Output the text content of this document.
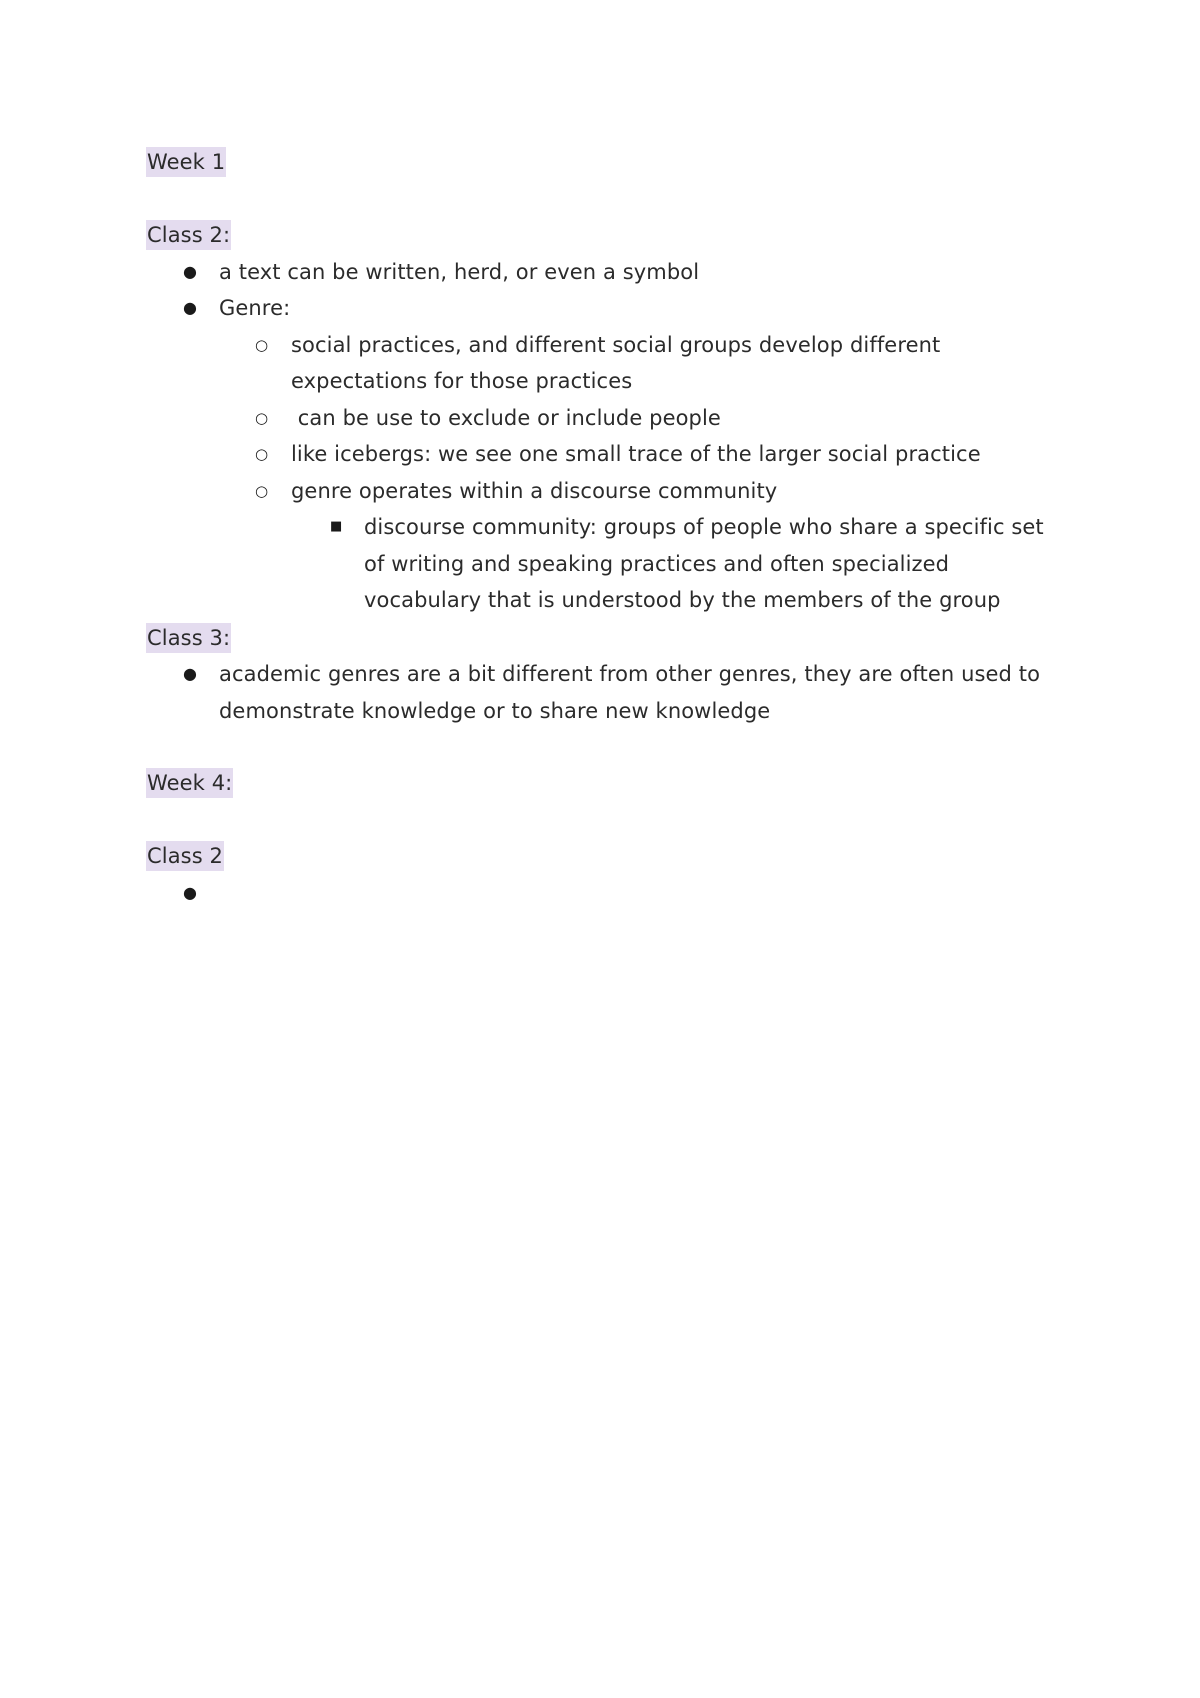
Week 1
Class 2:
●
a text can be written, herd, or even a symbol
●
Genre:
○
social practices, and different social groups develop different
expectations for those practices
○
can be use to exclude or include people
○
like icebergs: we see one small trace of the larger social practice
○
genre operates within a discourse community
■
discourse community: groups of people who share a specific set
of writing and speaking practices and often specialized
vocabulary that is understood by the members of the group
Class 3:
●
academic genres are a bit different from other genres, they are often used to
demonstrate knowledge or to share new knowledge
Week 4:
Class 2
●
